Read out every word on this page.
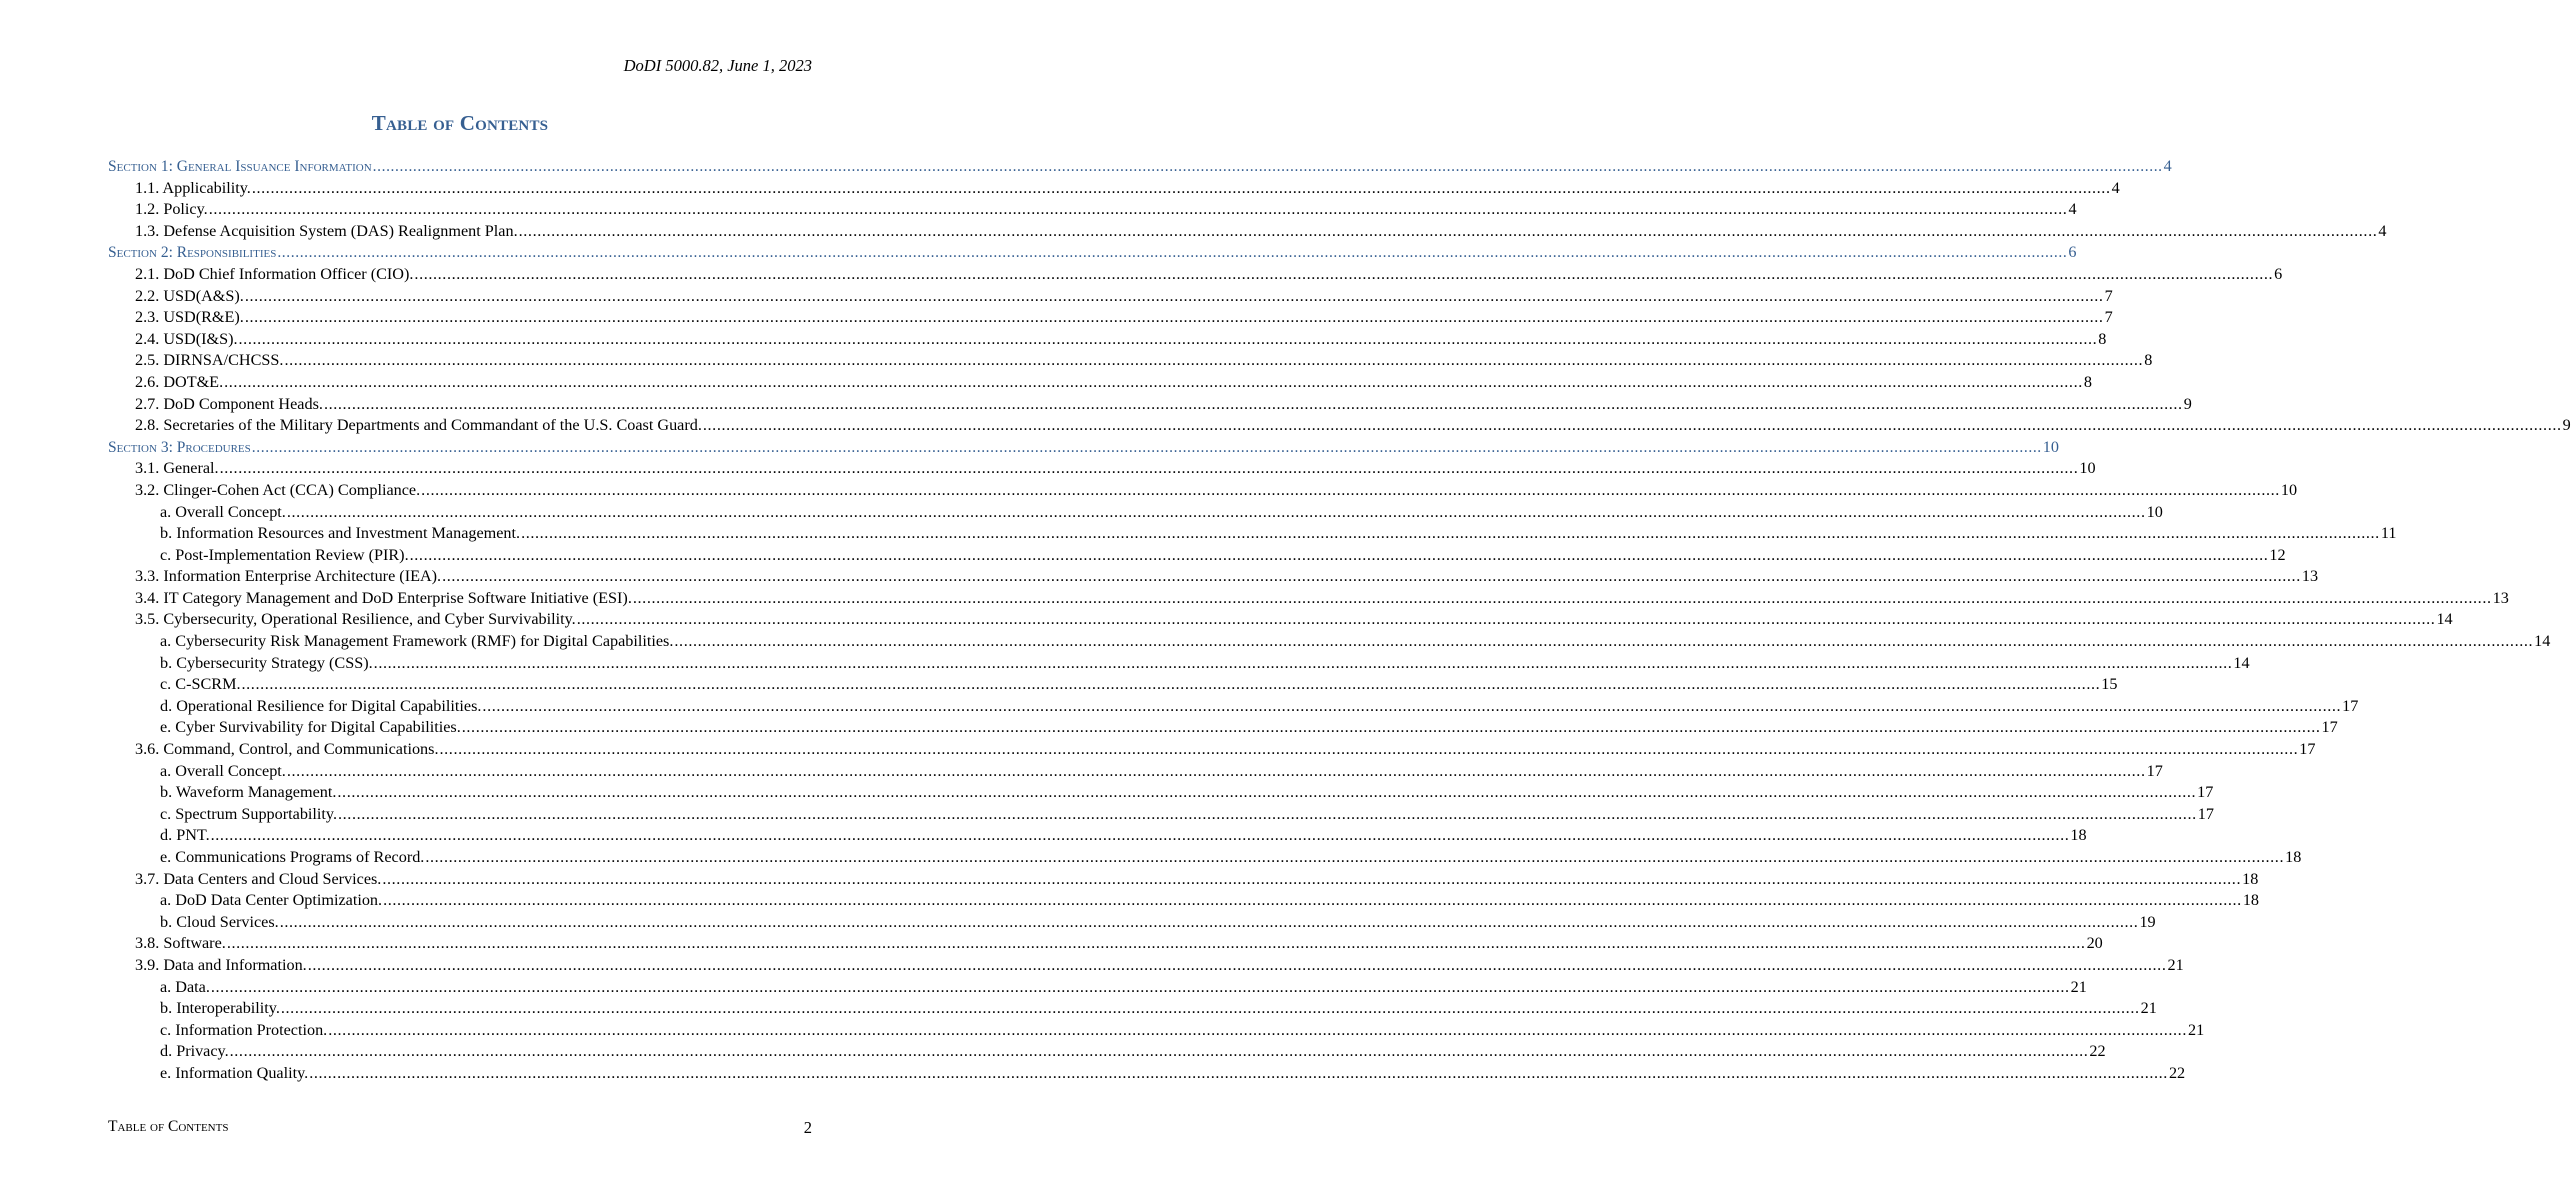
DoDI 5000.82, June 1, 2023
Table of Contents
Section 1: General Issuance Information ................................................................................................................................................................................................................................................................................................................................................................................................................ 4
1.1. Applicability. ................................................................................................................................................................................................................................................................................................................................................................................................................ 4
1.2. Policy. ................................................................................................................................................................................................................................................................................................................................................................................................................ 4
1.3. Defense Acquisition System (DAS) Realignment Plan. ................................................................................................................................................................................................................................................................................................................................................................................................................ 4
Section 2: Responsibilities ................................................................................................................................................................................................................................................................................................................................................................................................................ 6
2.1. DoD Chief Information Officer (CIO). ................................................................................................................................................................................................................................................................................................................................................................................................................ 6
2.2. USD(A&S). ................................................................................................................................................................................................................................................................................................................................................................................................................ 7
2.3. USD(R&E). ................................................................................................................................................................................................................................................................................................................................................................................................................ 7
2.4. USD(I&S). ................................................................................................................................................................................................................................................................................................................................................................................................................ 8
2.5. DIRNSA/CHCSS. ................................................................................................................................................................................................................................................................................................................................................................................................................ 8
2.6. DOT&E. ................................................................................................................................................................................................................................................................................................................................................................................................................ 8
2.7. DoD Component Heads. ................................................................................................................................................................................................................................................................................................................................................................................................................ 9
2.8. Secretaries of the Military Departments and Commandant of the U.S. Coast Guard. ................................................................................................................................................................................................................................................................................................................................................................................................................ 9
Section 3: Procedures ................................................................................................................................................................................................................................................................................................................................................................................................................ 10
3.1. General. ................................................................................................................................................................................................................................................................................................................................................................................................................ 10
3.2. Clinger-Cohen Act (CCA) Compliance. ................................................................................................................................................................................................................................................................................................................................................................................................................ 10
a. Overall Concept. ................................................................................................................................................................................................................................................................................................................................................................................................................ 10
b. Information Resources and Investment Management. ................................................................................................................................................................................................................................................................................................................................................................................................................ 11
c. Post-Implementation Review (PIR). ................................................................................................................................................................................................................................................................................................................................................................................................................ 12
3.3. Information Enterprise Architecture (IEA). ................................................................................................................................................................................................................................................................................................................................................................................................................ 13
3.4. IT Category Management and DoD Enterprise Software Initiative (ESI). ................................................................................................................................................................................................................................................................................................................................................................................................................ 13
3.5. Cybersecurity, Operational Resilience, and Cyber Survivability. ................................................................................................................................................................................................................................................................................................................................................................................................................ 14
a. Cybersecurity Risk Management Framework (RMF) for Digital Capabilities. ................................................................................................................................................................................................................................................................................................................................................................................................................ 14
b. Cybersecurity Strategy (CSS). ................................................................................................................................................................................................................................................................................................................................................................................................................ 14
c. C-SCRM. ................................................................................................................................................................................................................................................................................................................................................................................................................ 15
d. Operational Resilience for Digital Capabilities. ................................................................................................................................................................................................................................................................................................................................................................................................................ 17
e. Cyber Survivability for Digital Capabilities. ................................................................................................................................................................................................................................................................................................................................................................................................................ 17
3.6. Command, Control, and Communications. ................................................................................................................................................................................................................................................................................................................................................................................................................ 17
a. Overall Concept. ................................................................................................................................................................................................................................................................................................................................................................................................................ 17
b. Waveform Management. ................................................................................................................................................................................................................................................................................................................................................................................................................ 17
c. Spectrum Supportability. ................................................................................................................................................................................................................................................................................................................................................................................................................ 17
d. PNT. ................................................................................................................................................................................................................................................................................................................................................................................................................ 18
e. Communications Programs of Record. ................................................................................................................................................................................................................................................................................................................................................................................................................ 18
3.7. Data Centers and Cloud Services. ................................................................................................................................................................................................................................................................................................................................................................................................................ 18
a. DoD Data Center Optimization. ................................................................................................................................................................................................................................................................................................................................................................................................................ 18
b. Cloud Services. ................................................................................................................................................................................................................................................................................................................................................................................................................ 19
3.8. Software. ................................................................................................................................................................................................................................................................................................................................................................................................................ 20
3.9. Data and Information. ................................................................................................................................................................................................................................................................................................................................................................................................................ 21
a. Data. ................................................................................................................................................................................................................................................................................................................................................................................................................ 21
b. Interoperability. ................................................................................................................................................................................................................................................................................................................................................................................................................ 21
c. Information Protection. ................................................................................................................................................................................................................................................................................................................................................................................................................ 21
d. Privacy. ................................................................................................................................................................................................................................................................................................................................................................................................................ 22
e. Information Quality. ................................................................................................................................................................................................................................................................................................................................................................................................................ 22
Table of Contents	2
